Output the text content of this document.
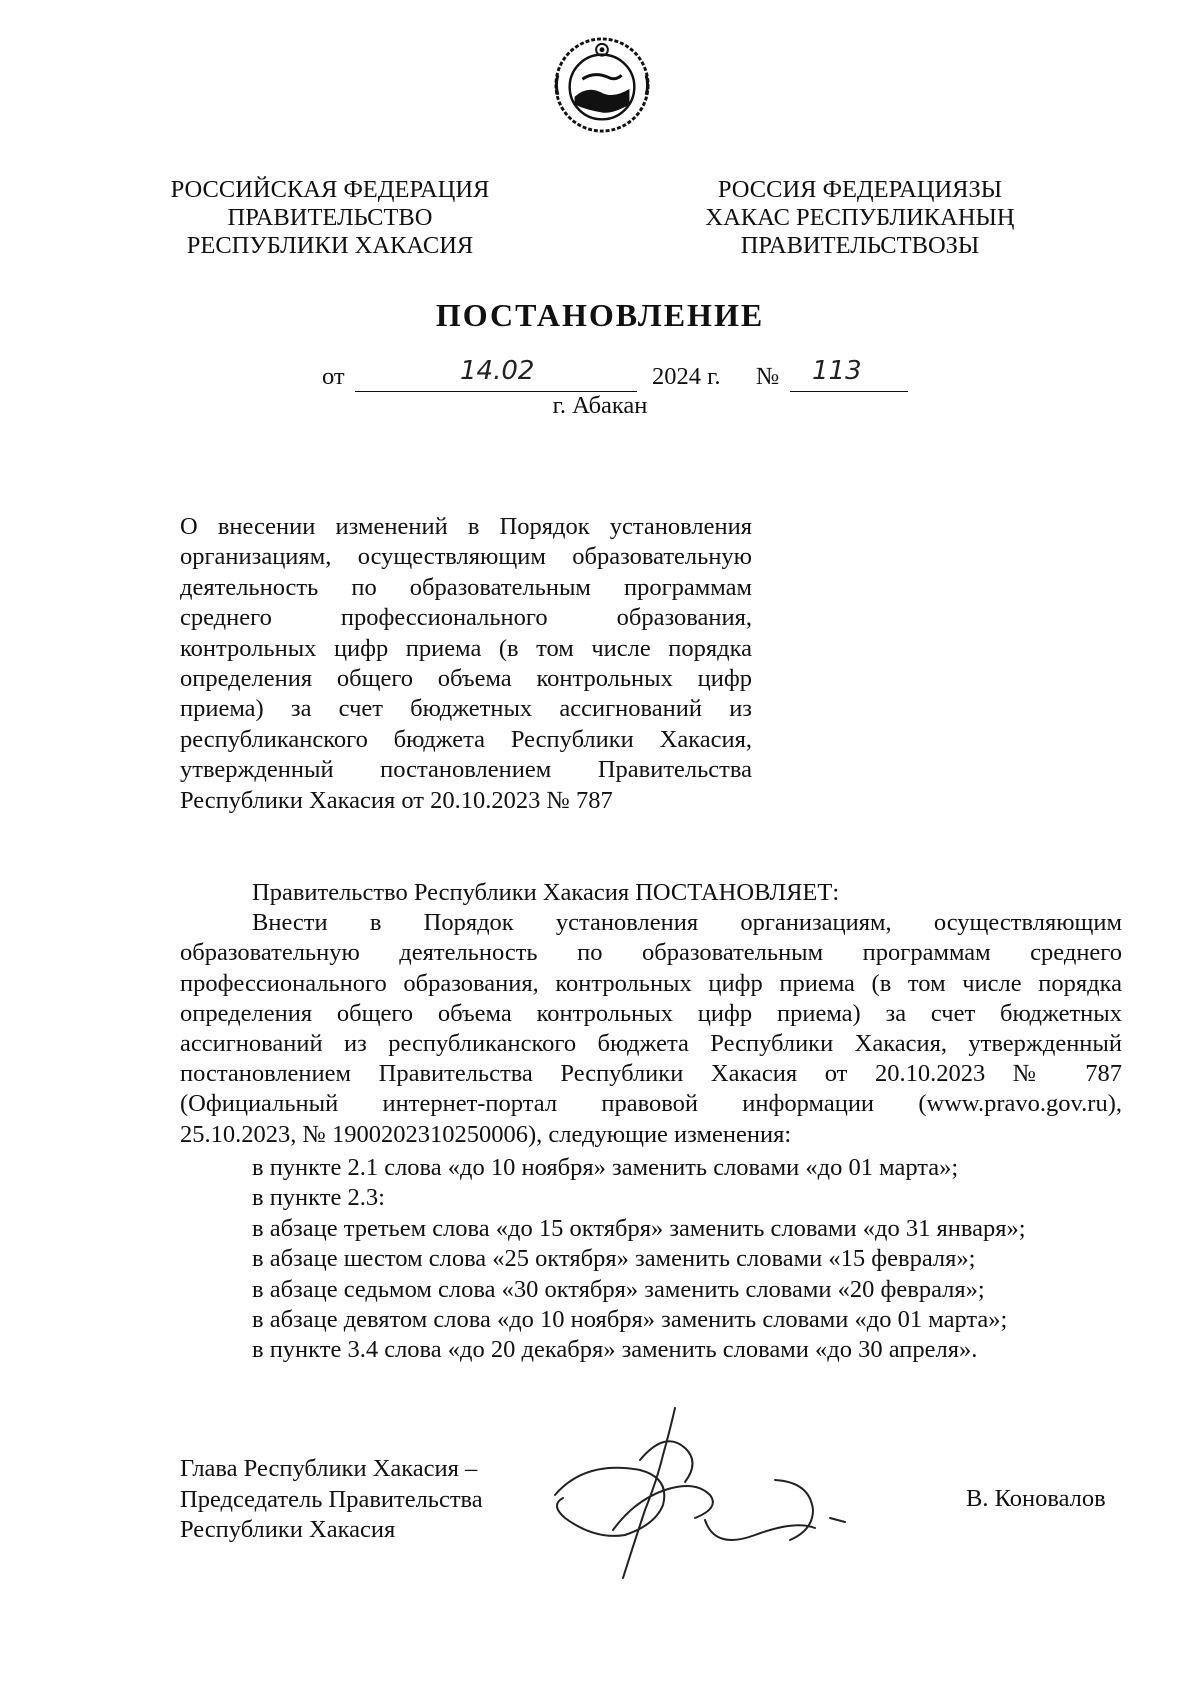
РОССИЙСКАЯ ФЕДЕРАЦИЯ
ПРАВИТЕЛЬСТВО
РЕСПУБЛИКИ ХАКАСИЯ
РОССИЯ ФЕДЕРАЦИЯЗЫ
ХАКАС РЕСПУБЛИКАНЫҢ
ПРАВИТЕЛЬСТВОЗЫ
ПОСТАНОВЛЕНИЕ
от	14.02	2024 г. № 113
г. Абакан
О внесении изменений в Порядок установления
организациям, осуществляющим образовательную
деятельность по образовательным программам
среднего профессионального образования,
контрольных цифр приема (в том числе порядка
определения общего объема контрольных цифр
приема) за счет бюджетных ассигнований из
республиканского бюджета Республики Хакасия,
утвержденный постановлением Правительства
Республики Хакасия от 20.10.2023 № 787
Правительство Республики Хакасия ПОСТАНОВЛЯЕТ:
Внести в Порядок установления организациям, осуществляющим
образовательную деятельность по образовательным программам среднего
профессионального образования, контрольных цифр приема (в том числе порядка
определения общего объема контрольных цифр приема) за счет бюджетных
ассигнований из республиканского бюджета Республики Хакасия, утвержденный
постановлением Правительства Республики Хакасия от 20.10.2023 № 787
(Официальный интернет-портал правовой информации (www.pravo.gov.ru),
25.10.2023, № 1900202310250006), следующие изменения:
в пункте 2.1 слова «до 10 ноября» заменить словами «до 01 марта»;
в пункте 2.3:
в абзаце третьем слова «до 15 октября» заменить словами «до 31 января»;
в абзаце шестом слова «25 октября» заменить словами «15 февраля»;
в абзаце седьмом слова «30 октября» заменить словами «20 февраля»;
в абзаце девятом слова «до 10 ноября» заменить словами «до 01 марта»;
в пункте 3.4 слова «до 20 декабря» заменить словами «до 30 апреля».
Глава Республики Хакасия –
Председатель Правительства
Республики Хакасия
В. Коновалов
